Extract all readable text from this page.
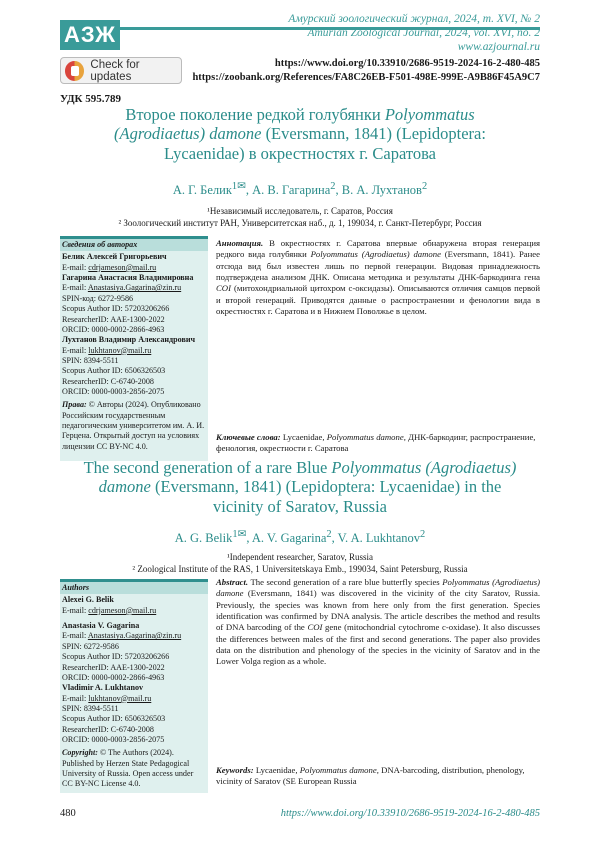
АЗЖ
Амурский зоологический журнал, 2024, т. XVI, № 2
Amurian Zoological Journal, 2024, vol. XVI, no. 2
www.azjournal.ru
Check for updates
https://www.doi.org/10.33910/2686-9519-2024-16-2-480-485
https://zoobank.org/References/FA8C26EB-F501-498E-999E-A9B86F45A9C7
УДК 595.789
Второе поколение редкой голубянки Polyommatus
(Agrodiaetus) damone (Eversmann, 1841) (Lepidoptera:
Lycaenidae) в окрестностях г. Саратова
А. Г. Белик1✉, А. В. Гагарина2, В. А. Лухтанов2
¹Независимый исследователь, г. Саратов, Россия
² Зоологический институт РАН, Университетская наб., д. 1, 199034, г. Санкт-Петербург, Россия
Сведения об авторах
Белик Алексей Григорьевич
E-mail: cdrjameson@mail.ru
Гагарина Анастасия Владимировна
E-mail: Anastasiya.Gagarina@zin.ru
SPIN-код: 6272-9586
Scopus Author ID: 57203206266
ResearcherID: AAE-1300-2022
ORCID: 0000-0002-2866-4963
Лухтанов Владимир Александрович
E-mail: lukhtanov@mail.ru
SPIN: 8394-5511
Scopus Author ID: 6506326503
ResearcherID: C-6740-2008
ORCID: 0000-0003-2856-2075
Права: © Авторы (2024). Опубликовано Российским государственным педагогическим университетом им. А. И. Герцена. Открытый доступ на условиях лицензии CC BY-NC 4.0.
Аннотация. В окрестностях г. Саратова впервые обнаружена вторая генерация редкого вида голубянки Polyommatus (Agrodiaetus) damone (Eversmann, 1841). Ранее отсюда вид был известен лишь по первой генерации. Видовая принадлежность подтверждена анализом ДНК. Описана методика и результаты ДНК-баркодинга гена COI (митохондриальной цитохром с-оксидазы). Описываются отличия самцов первой и второй генераций. Приводятся данные о распространении и фенологии вида в окрестностях г. Саратова и в Нижнем Поволжье в целом.
Ключевые слова: Lycaenidae, Polyommatus damone, ДНК-баркодинг, распространение, фенология, окрестности г. Саратова
The second generation of a rare Blue Polyommatus (Agrodiaetus)
damone (Eversmann, 1841) (Lepidoptera: Lycaenidae) in the
vicinity of Saratov, Russia
A. G. Belik1✉, A. V. Gagarina2, V. A. Lukhtanov2
¹Independent researcher, Saratov, Russia
² Zoological Institute of the RAS, 1 Universitetskaya Emb., 199034, Saint Petersburg, Russia
Authors
Alexei G. Belik
E-mail: cdrjameson@mail.ru
Anastasia V. Gagarina
E-mail: Anastasiya.Gagarina@zin.ru
SPIN: 6272-9586
Scopus Author ID: 57203206266
ResearcherID: AAE-1300-2022
ORCID: 0000-0002-2866-4963
Vladimir A. Lukhtanov
E-mail: lukhtanov@mail.ru
SPIN: 8394-5511
Scopus Author ID: 6506326503
ResearcherID: C-6740-2008
ORCID: 0000-0003-2856-2075
Copyright: © The Authors (2024). Published by Herzen State Pedagogical University of Russia. Open access under CC BY-NC License 4.0.
Abstract. The second generation of a rare blue butterfly species Polyommatus (Agrodiaetus) damone (Eversmann, 1841) was discovered in the vicinity of the city Saratov, Russia. Previously, the species was known from here only from the first generation. Species identification was confirmed by DNA analysis. The article describes the method and results of DNA barcoding of the COI gene (mitochondrial cytochrome c-oxidase). It also discusses the differences between males of the first and second generations. The paper also provides data on the distribution and phenology of the species in the vicinity of Saratov and in the Lower Volga region as a whole.
Keywords: Lycaenidae, Polyommatus damone, DNA-barcoding, distribution, phenology, vicinity of Saratov (SE European Russia
480	https://www.doi.org/10.33910/2686-9519-2024-16-2-480-485
